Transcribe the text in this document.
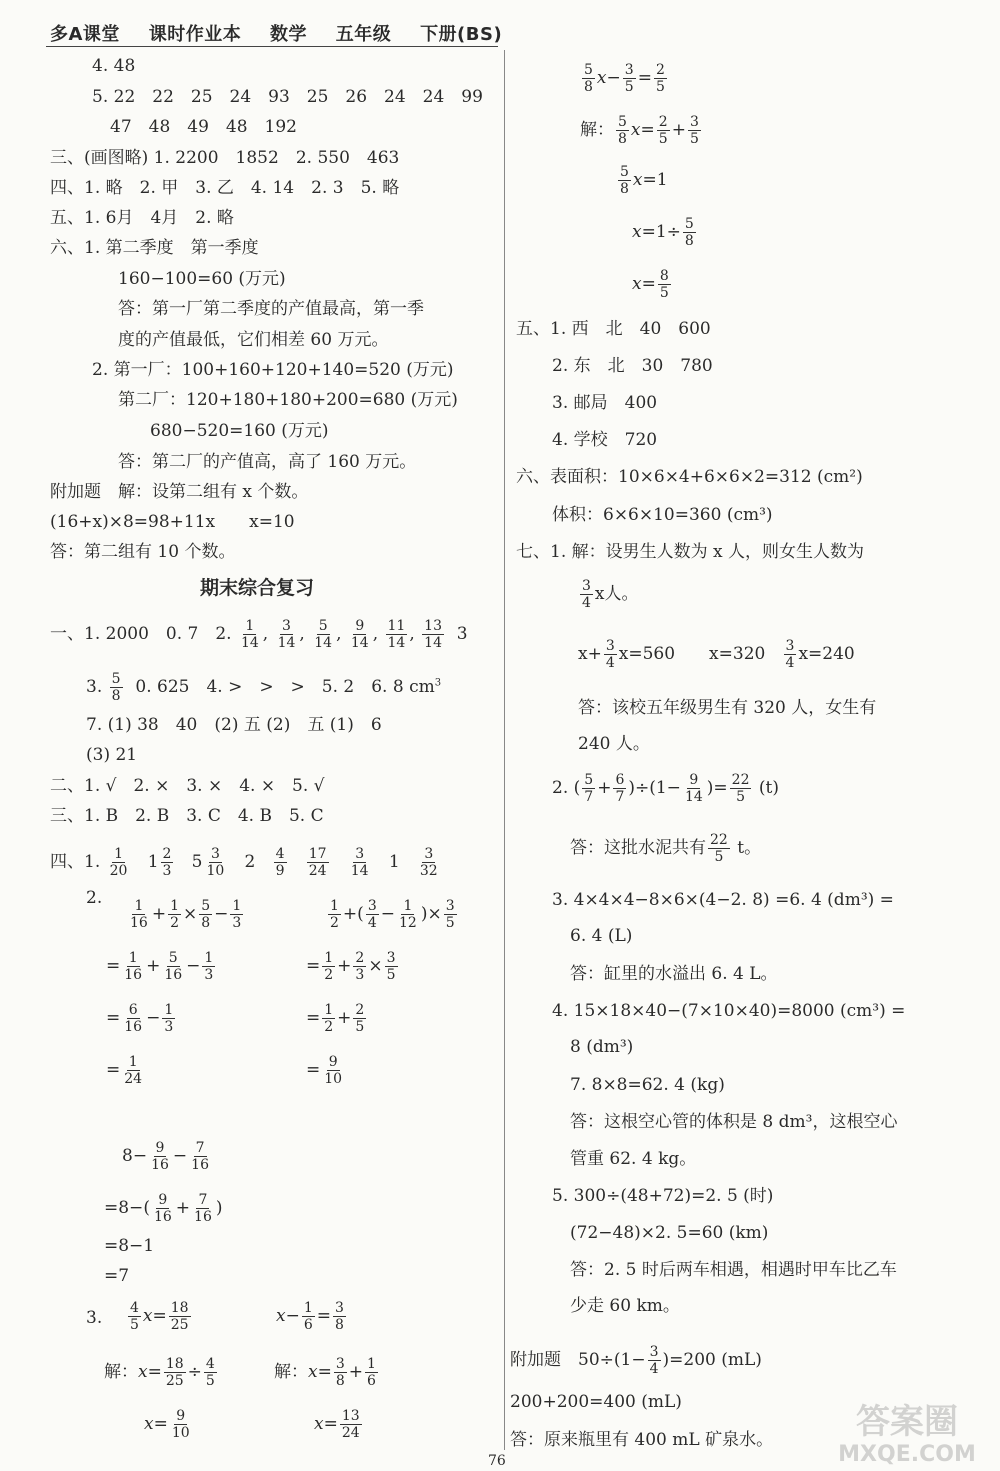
多A课堂 课时作业本 数学 五年级 下册(BS)
4. 48
5. 22　22　25　24　93　25　26　24　24　99
47　48　49　48　192
三、(画图略) 1. 2200　1852　2. 550　463
四、1. 略　2. 甲　3. 乙　4. 14　2. 3　5. 略
五、1. 6月　4月　2. 略
六、1. 第二季度　第一季度
160−100=60 (万元)
答：第一厂第二季度的产值最高，第一季
度的产值最低，它们相差 60 万元。
2. 第一厂：100+160+120+140=520 (万元)
第二厂：120+180+180+200=680 (万元)
680−520=160 (万元)
答：第二厂的产值高，高了 160 万元。
附加题　解：设第二组有 x 个数。
(16+x)×8=98+11x　　x=10
答：第二组有 10 个数。
期末综合复习
一、1. 2000　0. 7　2. $\frac{1}{14}$ , $\frac{3}{14}$ , $\frac{5}{14}$ , $\frac{9}{14}$ , $\frac{11}{14}$ , $\frac{13}{14} 3$
3. $\frac{5}{8} 0$. 625　4. >　>　>　5. 2　6. 8 $cm^3$
7. (1) 38　40　(2) 五 (2)　五 (1)　6
(3) 21
二、1. √　2. ×　3. ×　4. ×　5. √
三、1. B　2. B　3. C　4. B　5. C
四、1. $\frac{1}{20} 1 \frac{2}{3} 5 \frac{3}{10} 2 \frac{4}{9}$
$\frac{17}{24}$
$\frac{3}{14} 1 \frac{3}{32}$
2. $\frac{1}{16} + \frac{1}{2} \times \frac{5}{8} - \frac{1}{3}$
= $\frac{1}{16} + \frac{5}{16} - \frac{1}{3}$
= $\frac{6}{16} - \frac{1}{3}$
= $\frac{1}{24}$
$\frac{1}{2}$ +( $\frac{3}{4} - \frac{1}{12}$ )× $\frac{3}{5}$
= $\frac{1}{2} + \frac{2}{3} \times \frac{3}{5}$
= $\frac{1}{2} + \frac{2}{5}$
= $\frac{9}{10}$
$8- \frac{9}{16} - \frac{7}{16}$
$=8-( \frac{9}{16} + \frac{7}{16}$ )
=8−1
=7
3. $\frac{4}{5} x= \frac{18}{25}$
解：$x= \frac{18}{25} \div \frac{4}{5}$
$x= \frac{9}{10}$
$x- \frac{1}{6} = \frac{3}{8}$
解：$x= \frac{3}{8} + \frac{1}{6}$
$x= \frac{13}{24}$
$\frac{5}{8} x- \frac{3}{5} = \frac{2}{5}$
解： $\frac{5}{8} x= \frac{2}{5} + \frac{3}{5}$
$\frac{5}{8} x=1$
$x=1\div \frac{5}{8}$
$x= \frac{8}{5}$
五、1. 西　北　40　600
2. 东　北　30　780
3. 邮局　400
4. 学校　720
六、表面积：10×6×4+6×6×2=312 (cm²)
体积：6×6×10=360 (cm³)
七、1. 解：设男生人数为 x 人，则女生人数为
$\frac{3}{4}$ x人。
$x+ \frac{3}{4} x=560$　　$x=320 \frac{3}{4} x=240$
答：该校五年级男生有 320 人，女生有
240 人。
2. ( $\frac{5}{7} + \frac{6}{7} )\div(1- \frac{9}{14}$ )= $\frac{22}{5} (t)$
答：这批水泥共有 $\frac{22}{5}$ t。
3. 4×4×4−8×6×(4−2. 8) =6. 4 (dm³) =
6. 4 (L)
答：缸里的水溢出 6. 4 L。
4. 15×18×40−(7×10×40)=8000 (cm³) =
8 (dm³)
7. 8×8=62. 4 (kg)
答：这根空心管的体积是 8 dm³，这根空心
管重 62. 4 kg。
5. 300÷(48+72)=2. 5 (时)
(72−48)×2. 5=60 (km)
答：2. 5 时后两车相遇，相遇时甲车比乙车
少走 60 km。
附加题　$50\div(1- \frac{3}{4} )=200$ (mL)
200+200=400 (mL)
答：原来瓶里有 400 mL 矿泉水。
76
答案圈
MXQE.COM
